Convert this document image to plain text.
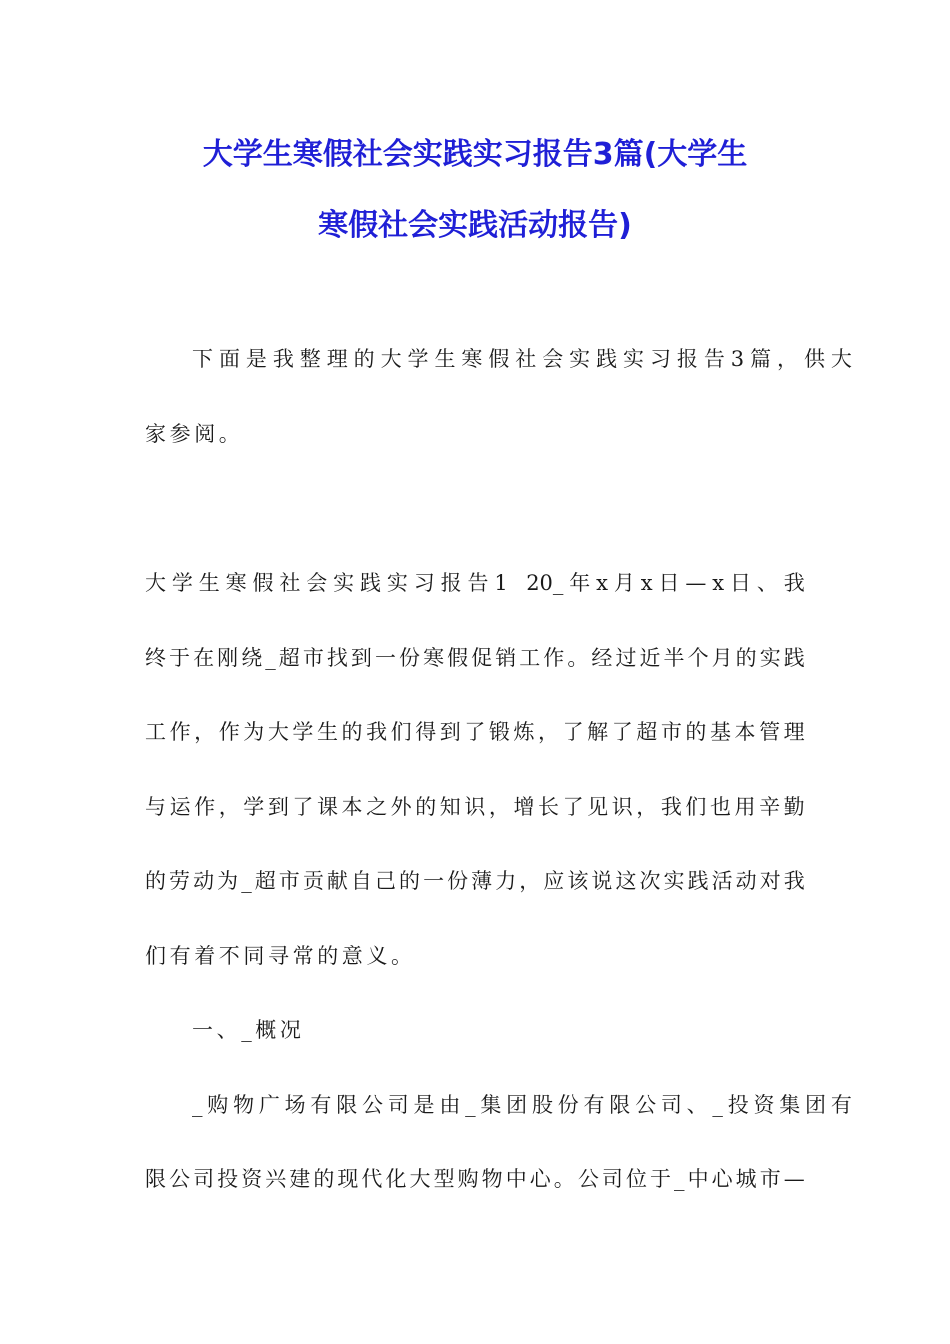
大学生寒假社会实践实习报告3篇(大学生
寒假社会实践活动报告)

下 面 是 我 整 理 的 大 学 生 寒 假 社 会 实 践 实 习 报 告 3 篇 ， 供 大

家参阅。

大 学 生 寒 假 社 会 实 践 实 习 报 告 1
20_ 年 x 月 x 日 — x 日 、 我

终 于 在 刚 绕 _ 超 市 找 到 一 份 寒 假 促 销 工 作 。 经 过 近 半 个 月 的 实 践

工 作 ， 作 为 大 学 生 的 我 们 得 到 了 锻 炼 ， 了 解 了 超 市 的 基 本 管 理

与 运 作 ， 学 到 了 课 本 之 外 的 知 识 ， 增 长 了 见 识 ， 我 们 也 用 辛 勤

的 劳 动 为 _ 超 市 贡 献 自 己 的 一 份 薄 力 ， 应 该 说 这 次 实 践 活 动 对 我

们有着不同寻常的意义。

一、_概况

_ 购 物 广 场 有 限 公 司 是 由 _ 集 团 股 份 有 限 公 司 、 _ 投 资 集 团 有

限 公 司 投 资 兴 建 的 现 代 化 大 型 购 物 中 心 。 公 司 位 于 _ 中 心 城 市 —
